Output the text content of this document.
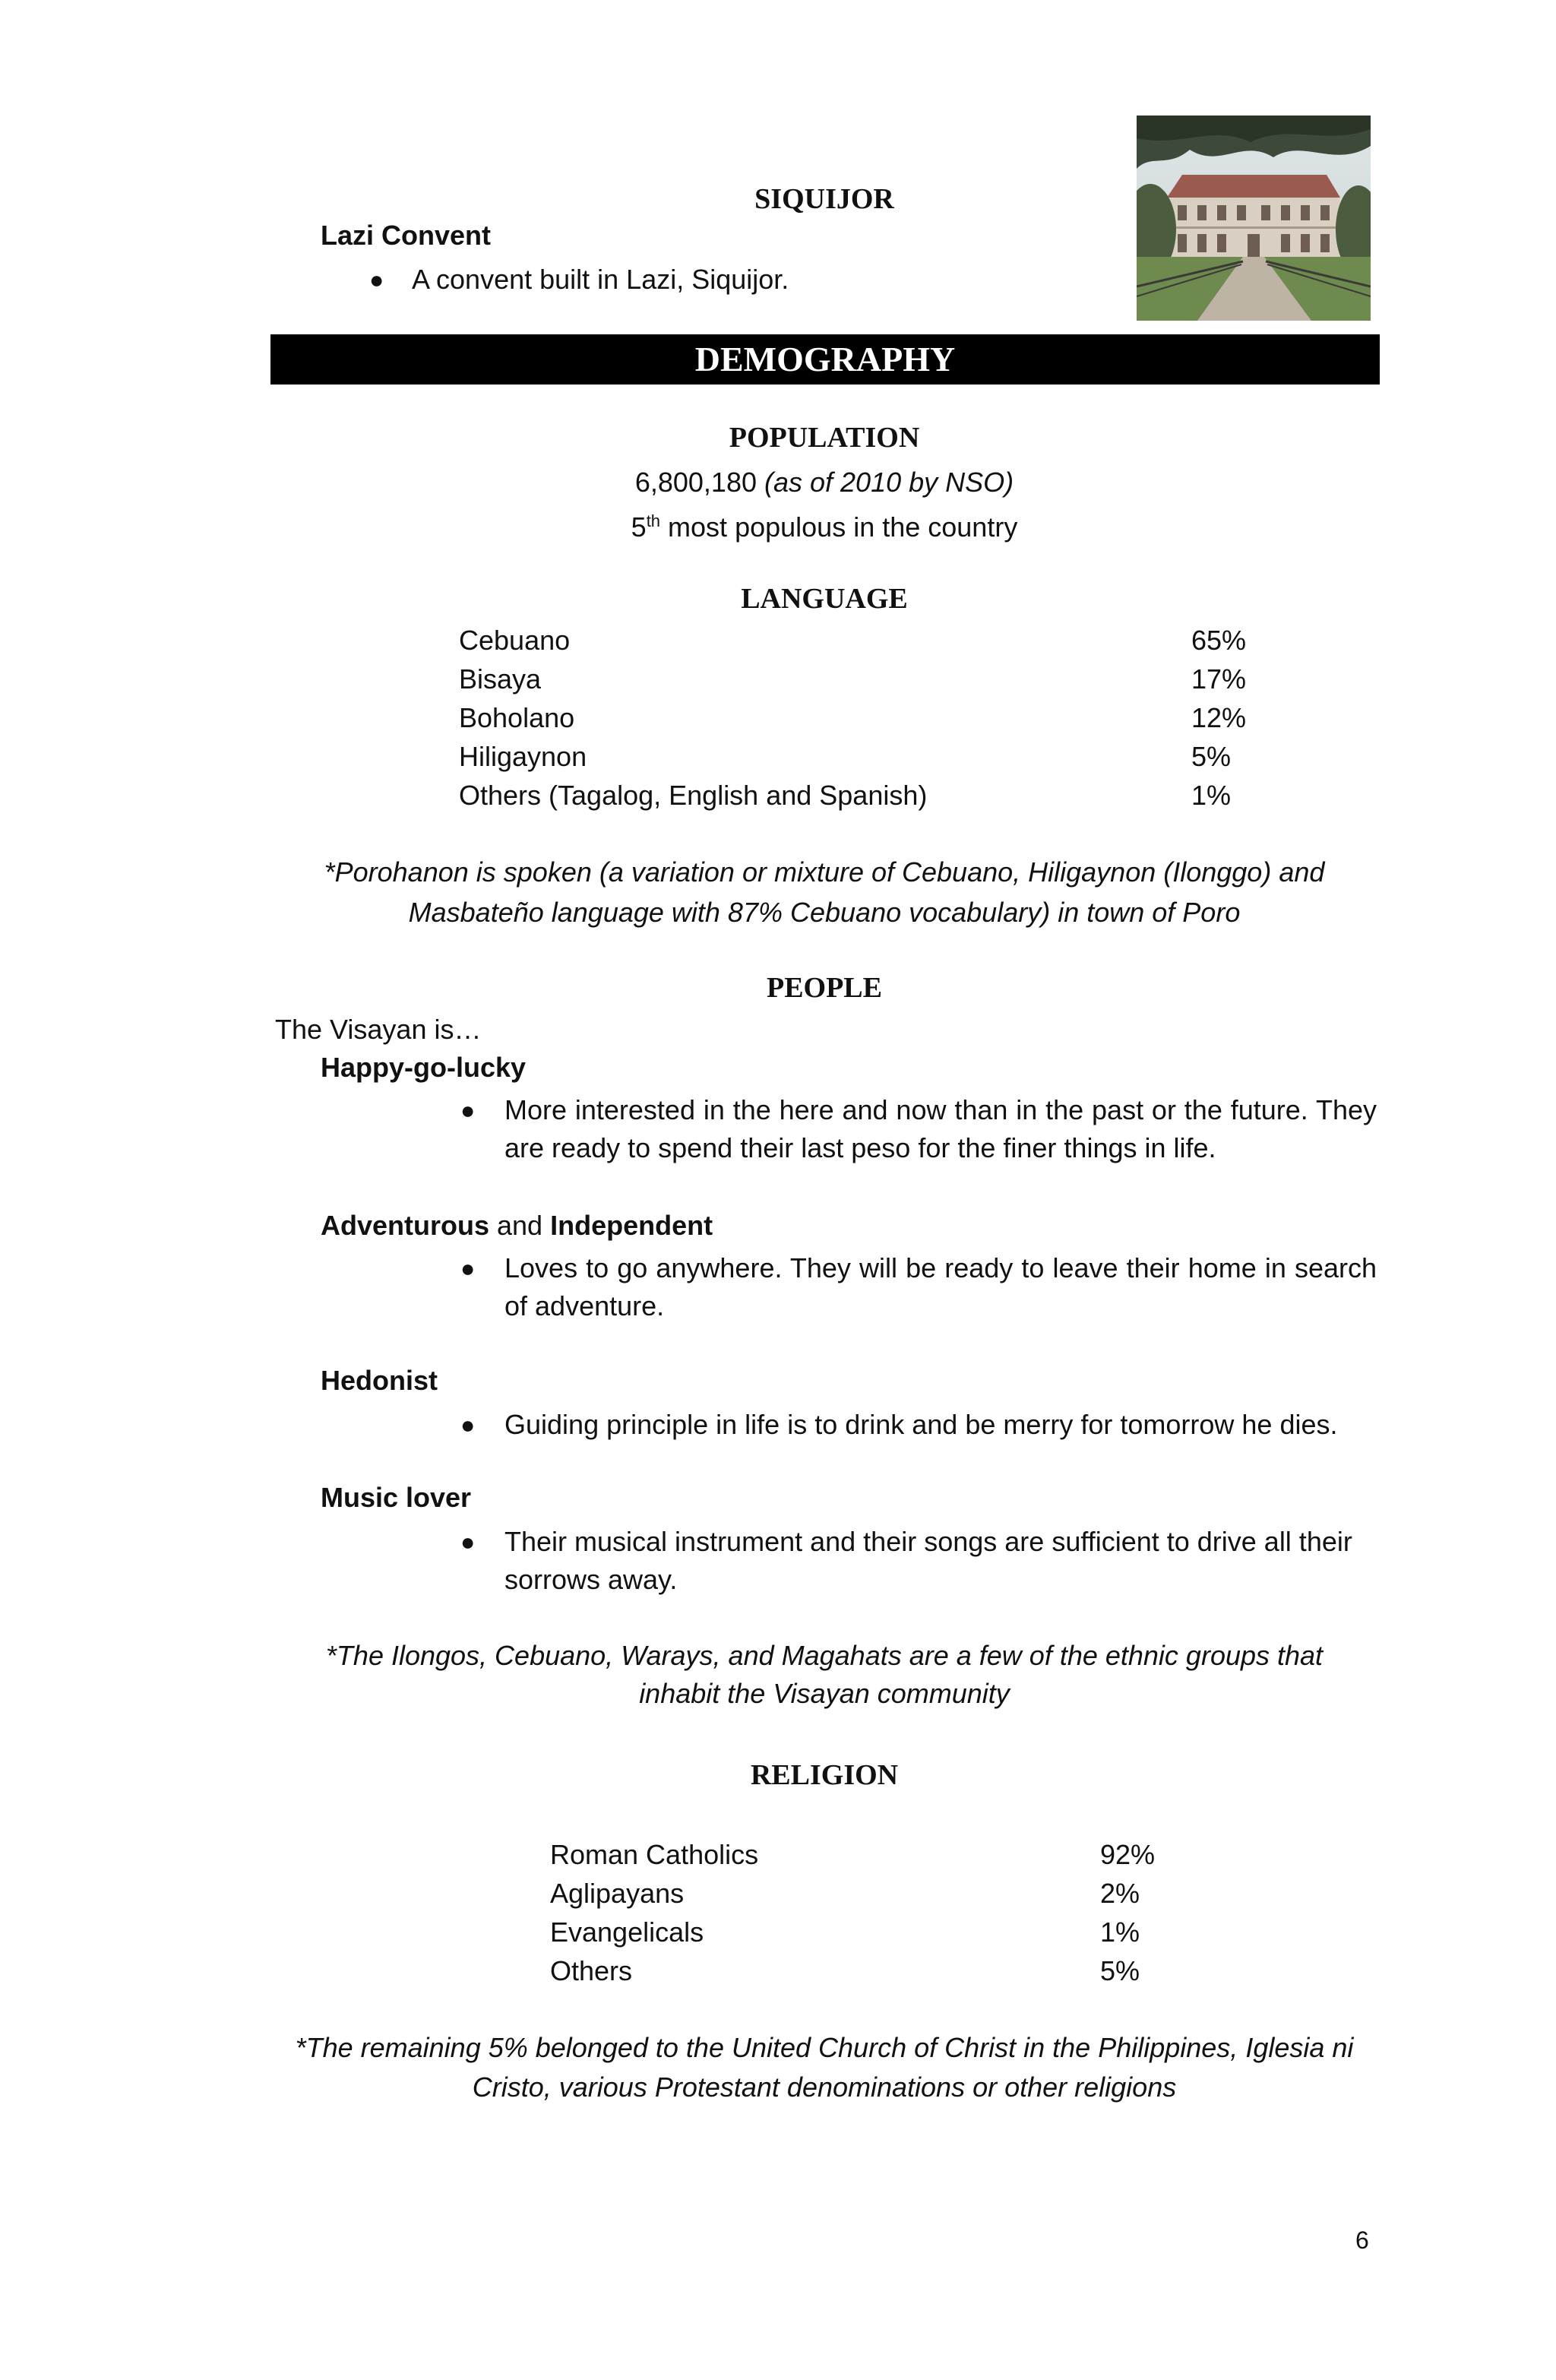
SIQUIJOR
Lazi Convent
● A convent built in Lazi, Siquijor.
DEMOGRAPHY
POPULATION
6,800,180 (as of 2010 by NSO)
5th most populous in the country
LANGUAGE
Cebuano	65%
Bisaya	17%
Boholano	12%
Hiligaynon	5%
Others (Tagalog, English and Spanish)	1%
*Porohanon is spoken (a variation or mixture of Cebuano, Hiligaynon (Ilonggo) and
Masbateño language with 87% Cebuano vocabulary) in town of Poro
PEOPLE
The Visayan is…
Happy-go-lucky
● More interested in the here and now than in the past or the future. They are ready to spend their last peso for the finer things in life.
Adventurous and Independent
● Loves to go anywhere. They will be ready to leave their home in search of adventure.
Hedonist
● Guiding principle in life is to drink and be merry for tomorrow he dies.
Music lover
● Their musical instrument and their songs are sufficient to drive all their sorrows away.
*The Ilongos, Cebuano, Warays, and Magahats are a few of the ethnic groups that
inhabit the Visayan community
RELIGION
Roman Catholics	92%
Aglipayans	2%
Evangelicals	1%
Others	5%
*The remaining 5% belonged to the United Church of Christ in the Philippines, Iglesia ni
Cristo, various Protestant denominations or other religions
6
